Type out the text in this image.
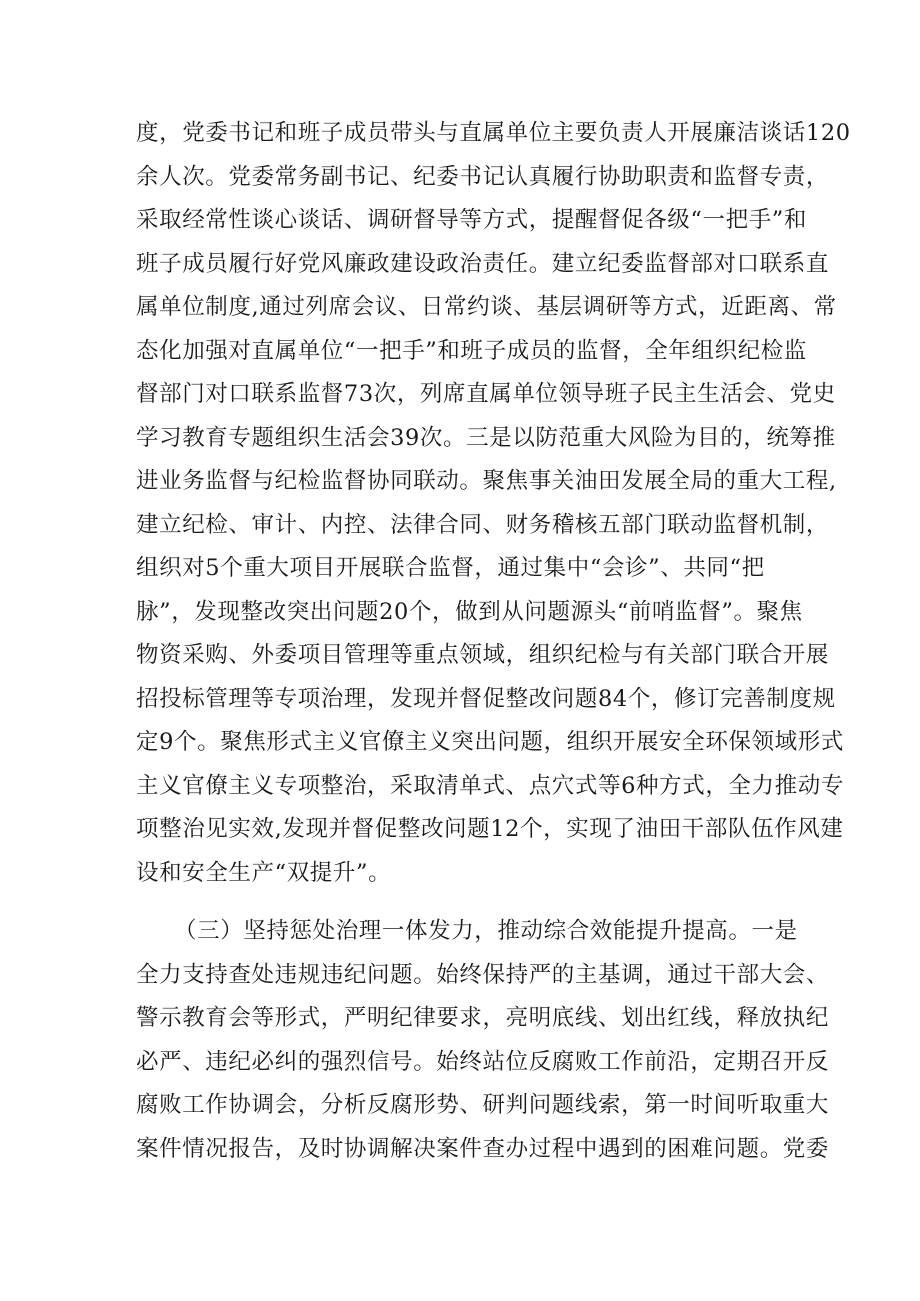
度，党委书记和班子成员带头与直属单位主要负责人开展廉洁谈话120
余人次。党委常务副书记、纪委书记认真履行协助职责和监督专责，
采取经常性谈心谈话、调研督导等方式，提醒督促各级“一把手”和
班子成员履行好党风廉政建设政治责任。建立纪委监督部对口联系直
属单位制度,通过列席会议、日常约谈、基层调研等方式，近距离、常
态化加强对直属单位“一把手”和班子成员的监督，全年组织纪检监
督部门对口联系监督73次，列席直属单位领导班子民主生活会、党史
学习教育专题组织生活会39次。三是以防范重大风险为目的，统筹推
进业务监督与纪检监督协同联动。聚焦事关油田发展全局的重大工程,
建立纪检、审计、内控、法律合同、财务稽核五部门联动监督机制，
组织对5个重大项目开展联合监督，通过集中“会诊”、共同“把
脉”，发现整改突出问题20个，做到从问题源头“前哨监督”。聚焦
物资采购、外委项目管理等重点领域，组织纪检与有关部门联合开展
招投标管理等专项治理，发现并督促整改问题84个，修订完善制度规
定9个。聚焦形式主义官僚主义突出问题，组织开展安全环保领域形式
主义官僚主义专项整治，采取清单式、点穴式等6种方式，全力推动专
项整治见实效,发现并督促整改问题12个，实现了油田干部队伍作风建
设和安全生产“双提升”。
（三）坚持惩处治理一体发力，推动综合效能提升提高。一是
全力支持查处违规违纪问题。始终保持严的主基调，通过干部大会、
警示教育会等形式，严明纪律要求，亮明底线、划出红线，释放执纪
必严、违纪必纠的强烈信号。始终站位反腐败工作前沿，定期召开反
腐败工作协调会，分析反腐形势、研判问题线索，第一时间听取重大
案件情况报告，及时协调解决案件查办过程中遇到的困难问题。党委
